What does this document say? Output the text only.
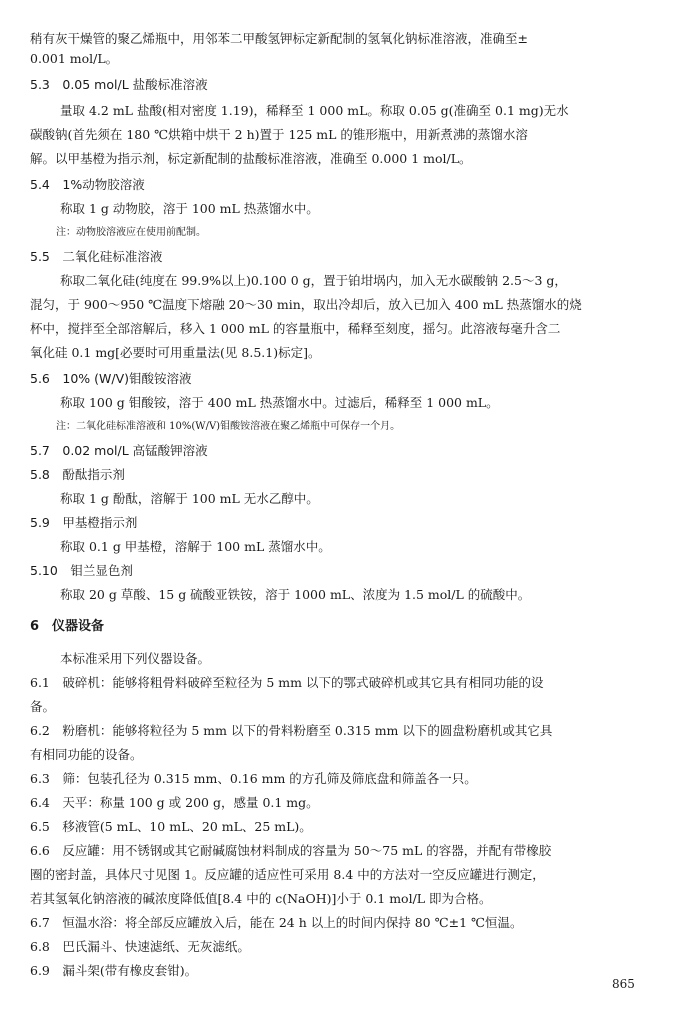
稍有灰干燥管的聚乙烯瓶中，用邻苯二甲酸氢钾标定新配制的氢氧化钠标准溶液，准确至±
0.001 mol/L。
5.3　0.05 mol/L 盐酸标准溶液
量取 4.2 mL 盐酸(相对密度 1.19)，稀释至 1 000 mL。称取 0.05 g(准确至 0.1 mg)无水
碳酸钠(首先须在 180 ℃烘箱中烘干 2 h)置于 125 mL 的锥形瓶中，用新煮沸的蒸馏水溶
解。以甲基橙为指示剂，标定新配制的盐酸标准溶液，准确至 0.000 1 mol/L。
5.4　1%动物胶溶液
称取 1 g 动物胶，溶于 100 mL 热蒸馏水中。
注：动物胶溶液应在使用前配制。
5.5　二氧化硅标准溶液
称取二氧化硅(纯度在 99.9%以上)0.100 0 g，置于铂坩埚内，加入无水碳酸钠 2.5～3 g，
混匀，于 900～950 ℃温度下熔融 20～30 min，取出冷却后，放入已加入 400 mL 热蒸馏水的烧
杯中，搅拌至全部溶解后，移入 1 000 mL 的容量瓶中，稀释至刻度，摇匀。此溶液每毫升含二
氧化硅 0.1 mg[必要时可用重量法(见 8.5.1)标定]。
5.6　10% (W/V)钼酸铵溶液
称取 100 g 钼酸铵，溶于 400 mL 热蒸馏水中。过滤后，稀释至 1 000 mL。
注：二氧化硅标准溶液和 10%(W/V)钼酸铵溶液在聚乙烯瓶中可保存一个月。
5.7　0.02 mol/L 高锰酸钾溶液
5.8　酚酞指示剂
称取 1 g 酚酞，溶解于 100 mL 无水乙醇中。
5.9　甲基橙指示剂
称取 0.1 g 甲基橙，溶解于 100 mL 蒸馏水中。
5.10　钼兰显色剂
称取 20 g 草酸、15 g 硫酸亚铁铵，溶于 1000 mL、浓度为 1.5 mol/L 的硫酸中。
6　仪器设备
本标准采用下列仪器设备。
6.1　破碎机：能够将粗骨料破碎至粒径为 5 mm 以下的鄂式破碎机或其它具有相同功能的设
备。
6.2　粉磨机：能够将粒径为 5 mm 以下的骨料粉磨至 0.315 mm 以下的圆盘粉磨机或其它具
有相同功能的设备。
6.3　筛：包装孔径为 0.315 mm、0.16 mm 的方孔筛及筛底盘和筛盖各一只。
6.4　天平：称量 100 g 或 200 g，感量 0.1 mg。
6.5　移液管(5 mL、10 mL、20 mL、25 mL)。
6.6　反应罐：用不锈钢或其它耐碱腐蚀材料制成的容量为 50～75 mL 的容器，并配有带橡胶
圈的密封盖，具体尺寸见图 1。反应罐的适应性可采用 8.4 中的方法对一空反应罐进行测定，
若其氢氧化钠溶液的碱浓度降低值[8.4 中的 c(NaOH)]小于 0.1 mol/L 即为合格。
6.7　恒温水浴：将全部反应罐放入后，能在 24 h 以上的时间内保持 80 ℃±1 ℃恒温。
6.8　巴氏漏斗、快速滤纸、无灰滤纸。
6.9　漏斗架(带有橡皮套钳)。
865
